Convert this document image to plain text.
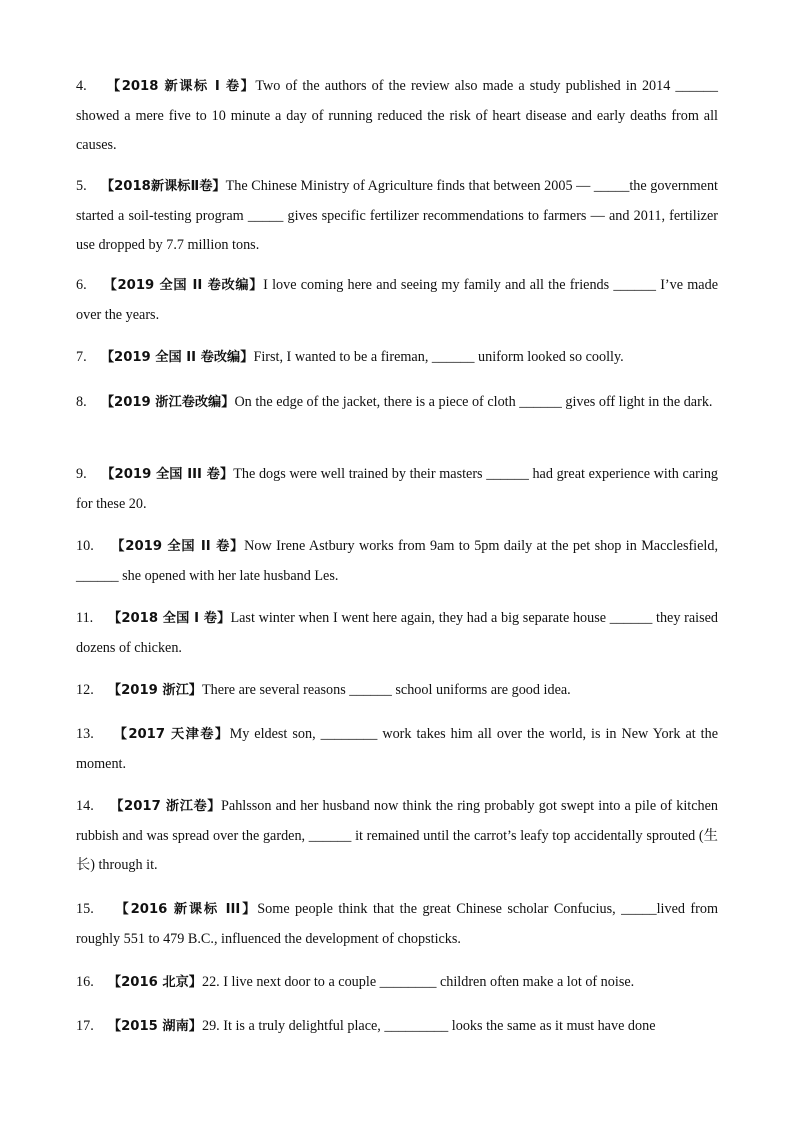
4. 【2018 新课标 I 卷】Two of the authors of the review also made a study published in 2014 ______ showed a mere five to 10 minute a day of running reduced the risk of heart disease and early deaths from all causes.
5. 【2018新课标Ⅱ卷】The Chinese Ministry of Agriculture finds that between 2005 — _____the government started a soil-testing program _____ gives specific fertilizer recommendations to farmers — and 2011, fertilizer use dropped by 7.7 million tons.
6. 【2019 全国 II 卷改编】I love coming here and seeing my family and all the friends ______ I’ve made over the years.
7. 【2019 全国 II 卷改编】First, I wanted to be a fireman, ______ uniform looked so coolly.
8. 【2019 浙江卷改编】On the edge of the jacket, there is a piece of cloth ______ gives off light in the dark.
9. 【2019 全国 III 卷】The dogs were well trained by their masters ______ had great experience with caring for these 20.
10. 【2019 全国 II 卷】Now Irene Astbury works from 9am to 5pm daily at the pet shop in Macclesfield, ______ she opened with her late husband Les.
11. 【2018 全国 I 卷】Last winter when I went here again, they had a big separate house ______ they raised dozens of chicken.
12. 【2019 浙江】There are several reasons ______ school uniforms are good idea.
13. 【2017 天津卷】My eldest son, ________ work takes him all over the world, is in New York at the moment.
14. 【2017 浙江卷】Pahlsson and her husband now think the ring probably got swept into a pile of kitchen rubbish and was spread over the garden, ______ it remained until the carrot’s leafy top accidentally sprouted (生长) through it.
15. 【2016 新课标 III】Some people think that the great Chinese scholar Confucius, _____lived from roughly 551 to 479 B.C., influenced the development of chopsticks.
16. 【2016 北京】22. I live next door to a couple ________ children often make a lot of noise.
17. 【2015 湖南】29. It is a truly delightful place, _________ looks the same as it must have done
